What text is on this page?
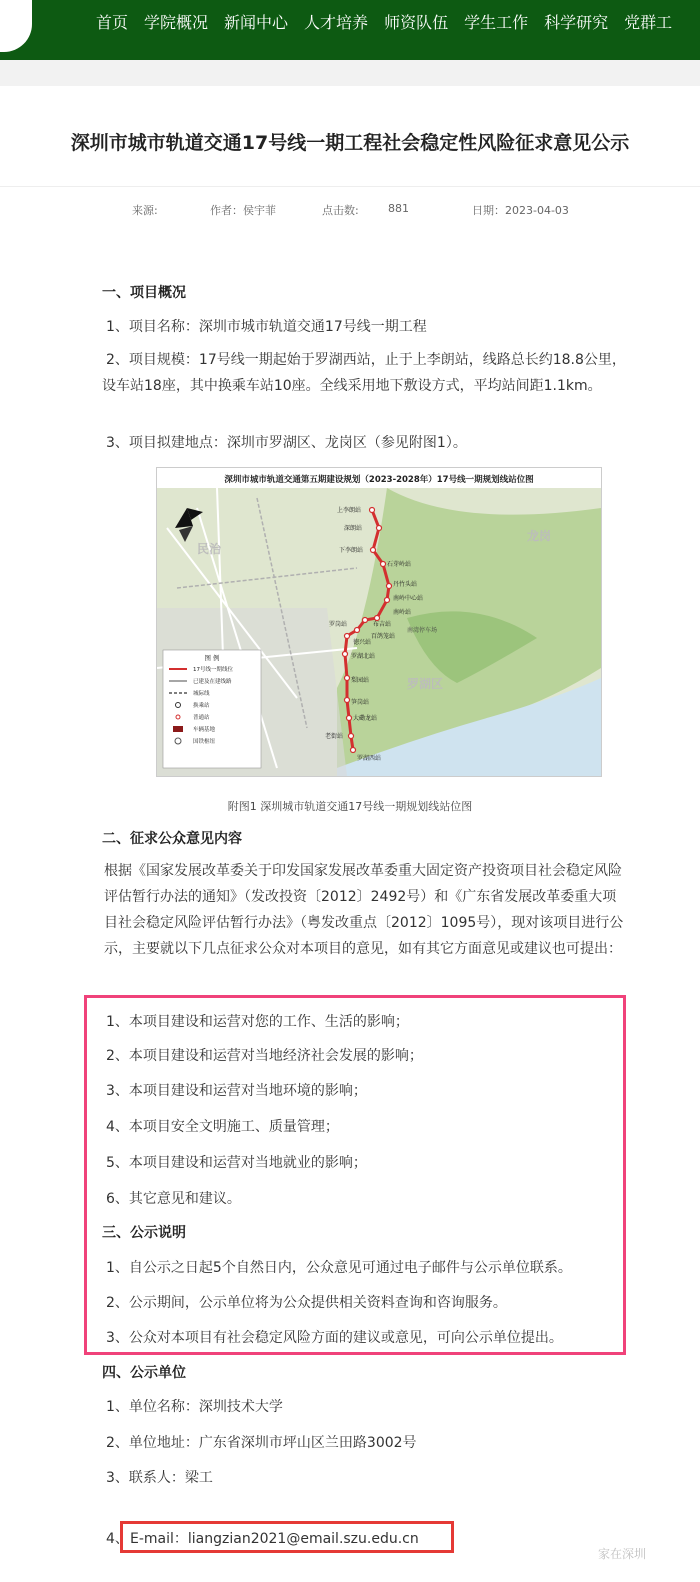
首页 学院概况 新闻中心 人才培养 师资队伍 学生工作 科学研究 党群工
深圳市城市轨道交通17号线一期工程社会稳定性风险征求意见公示
来源:	作者：侯宇菲	点击数:	881	日期：2023-04-03
一、项目概况
1、项目名称：深圳市城市轨道交通17号线一期工程
2、项目规模：17号线一期起始于罗湖西站，止于上李朗站，线路总长约18.8公里，设车站18座，其中换乘车站10座。全线采用地下敷设方式，平均站间距1.1km。
3、项目拟建地点：深圳市罗湖区、龙岗区（参见附图1）。
深圳市城市轨道交通第五期建设规划（2023-2028年）17号线一期规划线站位图
上李朗站
深朗站
下李朗站
石芽岭站
丹竹头站
南岭中心站
南岭站
布吉站
百鸽笼站
罗岗站
徳兴站
罗湖北站
梨园站
笋岗站
大磡龙站
老街站
罗湖西站
南湾停车场
民治
龙岗
罗湖区
图 例
17号线一期线位
已建及在建线路
城际线
换乘站
普通站
车辆基地
国铁枢纽
附图1 深圳城市轨道交通17号线一期规划线站位图
二、征求公众意见内容
根据《国家发展改革委关于印发国家发展改革委重大固定资产投资项目社会稳定风险评估暂行办法的通知》（发改投资〔2012〕2492号）和《广东省发展改革委重大项目社会稳定风险评估暂行办法》（粤发改重点〔2012〕1095号），现对该项目进行公示，主要就以下几点征求公众对本项目的意见，如有其它方面意见或建议也可提出：
1、本项目建设和运营对您的工作、生活的影响；
2、本项目建设和运营对当地经济社会发展的影响；
3、本项目建设和运营对当地环境的影响；
4、本项目安全文明施工、质量管理；
5、本项目建设和运营对当地就业的影响；
6、其它意见和建议。
三、公示说明
1、自公示之日起5个自然日内，公众意见可通过电子邮件与公示单位联系。
2、公示期间，公示单位将为公众提供相关资料查询和咨询服务。
3、公众对本项目有社会稳定风险方面的建议或意见，可向公示单位提出。
四、公示单位
1、单位名称：深圳技术大学
2、单位地址：广东省深圳市坪山区兰田路3002号
3、联系人：梁工
4、 E-mail：liangzian2021@email.szu.edu.cn
家在深圳
